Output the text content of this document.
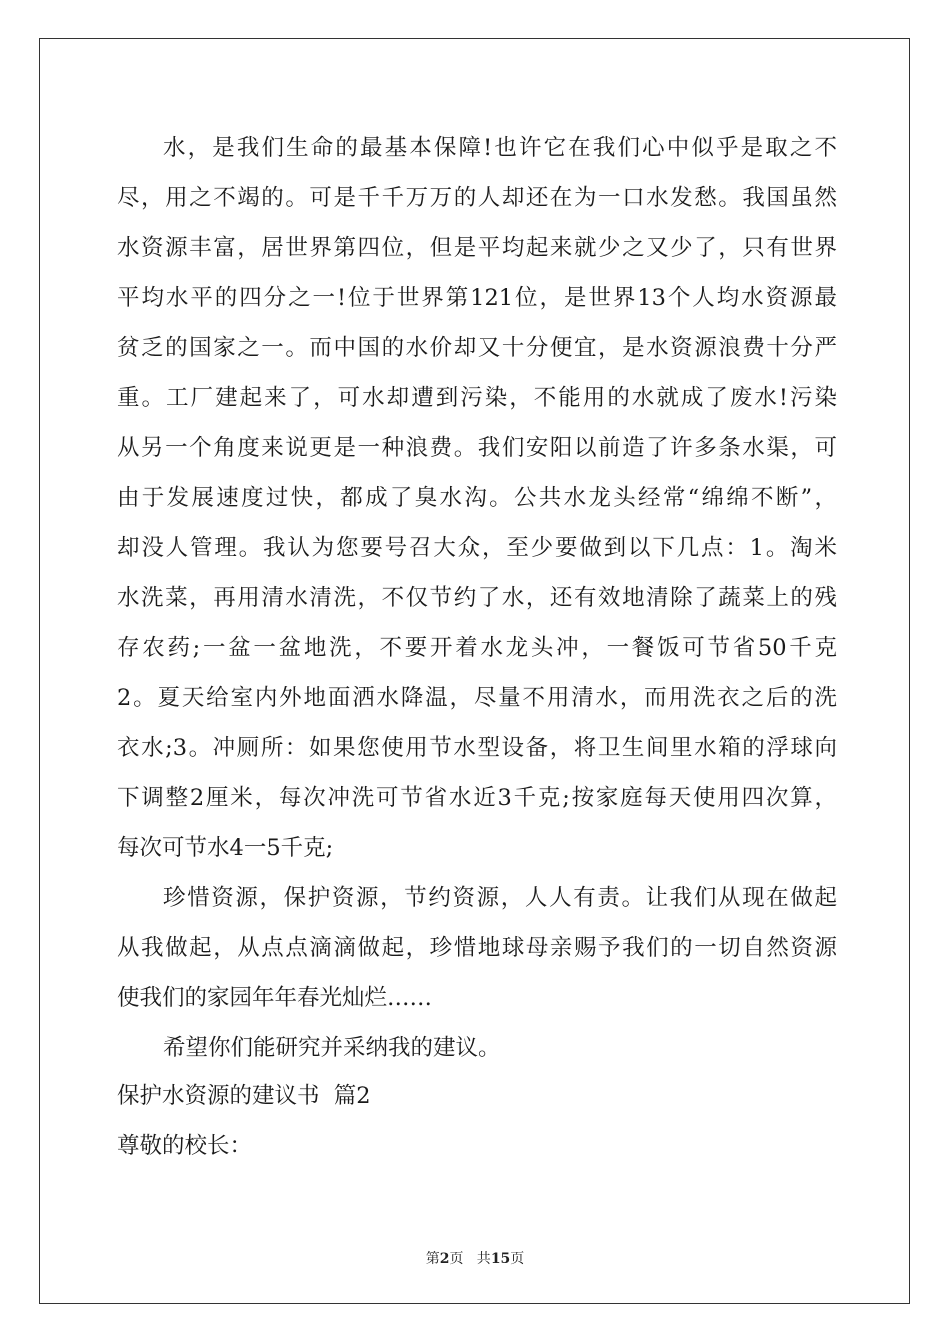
水，是我们生命的最基本保障!也许它在我们心中似乎是取之不
尽，用之不竭的。可是千千万万的人却还在为一口水发愁。我国虽然
水资源丰富，居世界第四位，但是平均起来就少之又少了，只有世界
平均水平的四分之一!位于世界第121位，是世界13个人均水资源最
贫乏的国家之一。而中国的水价却又十分便宜，是水资源浪费十分严
重。工厂建起来了，可水却遭到污染，不能用的水就成了废水!污染
从另一个角度来说更是一种浪费。我们安阳以前造了许多条水渠，可
由于发展速度过快，都成了臭水沟。公共水龙头经常“绵绵不断”，
却没人管理。我认为您要号召大众，至少要做到以下几点：1。淘米
水洗菜，再用清水清洗，不仅节约了水，还有效地清除了蔬菜上的残
存农药;一盆一盆地洗，不要开着水龙头冲，一餐饭可节省50千克
2。夏天给室内外地面洒水降温，尽量不用清水，而用洗衣之后的洗
衣水;3。冲厕所：如果您使用节水型设备，将卫生间里水箱的浮球向
下调整2厘米，每次冲洗可节省水近3千克;按家庭每天使用四次算，
每次可节水4一5千克;
珍惜资源，保护资源，节约资源，人人有责。让我们从现在做起
从我做起，从点点滴滴做起，珍惜地球母亲赐予我们的一切自然资源
使我们的家园年年春光灿烂……
希望你们能研究并采纳我的建议。
保护水资源的建议书  篇2
尊敬的校长：
第2页   共15页
